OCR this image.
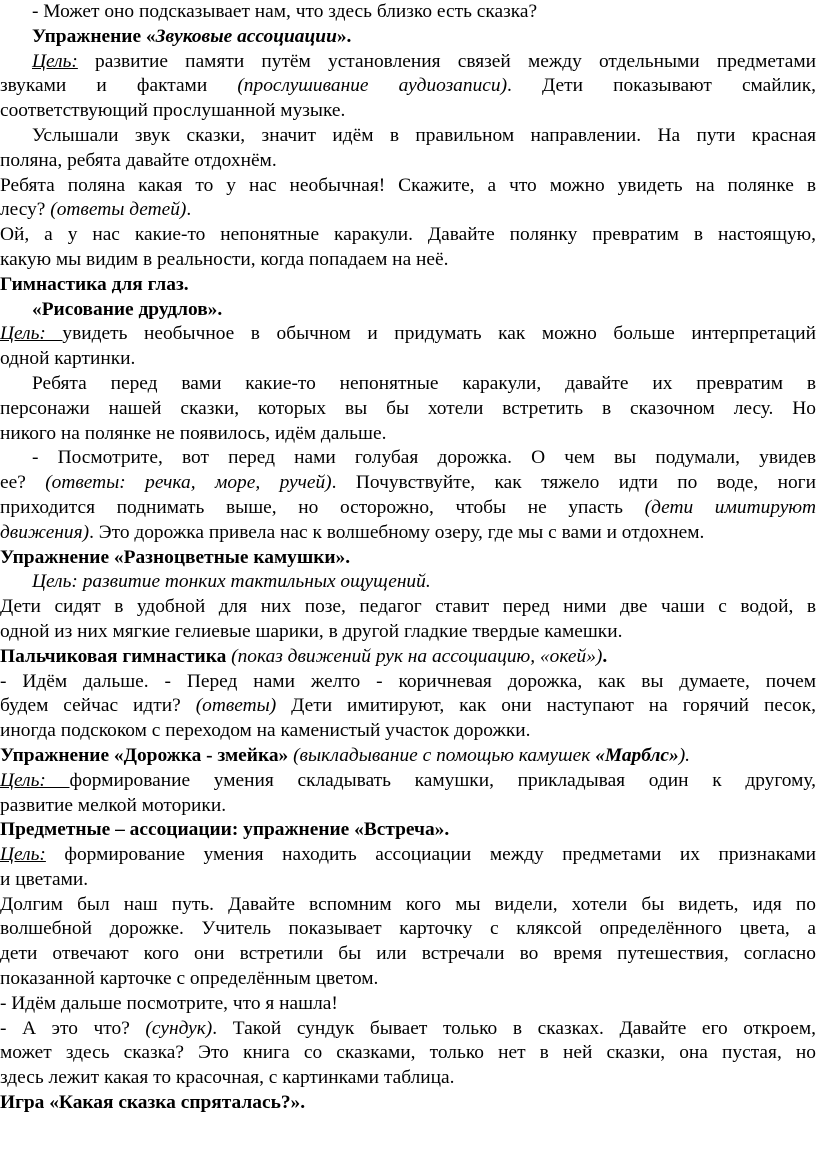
- Может оно подсказывает нам, что здесь близко есть сказка?
Упражнение «Звуковые ассоциации».
Цель: развитие памяти путём установления связей между отдельными предметами
звуками и фактами (прослушивание аудиозаписи). Дети показывают смайлик,
соответствующий прослушанной музыке.
Услышали звук сказки, значит идём в правильном направлении. На пути красная
поляна, ребята давайте отдохнём.
Ребята поляна какая то у нас необычная! Скажите, а что можно увидеть на полянке в
лесу? (ответы детей).
Ой, а у нас какие-то непонятные каракули. Давайте полянку превратим в настоящую,
какую мы видим в реальности, когда попадаем на неё.
Гимнастика для глаз.
«Рисование друдлов».
Цель: увидеть необычное в обычном и придумать как можно больше интерпретаций
одной картинки.
Ребята перед вами какие-то непонятные каракули, давайте их превратим в
персонажи нашей сказки, которых вы бы хотели встретить в сказочном лесу. Но
никого на полянке не появилось, идём дальше.
- Посмотрите, вот перед нами голубая дорожка. О чем вы подумали, увидев
ее? (ответы: речка, море, ручей). Почувствуйте, как тяжело идти по воде, ноги
приходится поднимать выше, но осторожно, чтобы не упасть (дети имитируют
движения). Это дорожка привела нас к волшебному озеру, где мы с вами и отдохнем.
Упражнение «Разноцветные камушки».
Цель: развитие тонких тактильных ощущений.
Дети сидят в удобной для них позе, педагог ставит перед ними две чаши с водой, в
одной из них мягкие гелиевые шарики, в другой гладкие твердые камешки.
Пальчиковая гимнастика (показ движений рук на ассоциацию, «окей»).
- Идём дальше. - Перед нами желто - коричневая дорожка, как вы думаете, почем
будем сейчас идти? (ответы) Дети имитируют, как они наступают на горячий песок,
иногда подскоком с переходом на каменистый участок дорожки.
Упражнение «Дорожка - змейка» (выкладывание с помощью камушек «Марблс»).
Цель: формирование умения складывать камушки, прикладывая один к другому,
развитие мелкой моторики.
Предметные – ассоциации: упражнение «Встреча».
Цель: формирование умения находить ассоциации между предметами их признаками
и цветами.
Долгим был наш путь. Давайте вспомним кого мы видели, хотели бы видеть, идя по
волшебной дорожке. Учитель показывает карточку с кляксой определённого цвета, а
дети отвечают кого они встретили бы или встречали во время путешествия, согласно
показанной карточке с определённым цветом.
- Идём дальше посмотрите, что я нашла!
- А это что? (сундук). Такой сундук бывает только в сказках. Давайте его откроем,
может здесь сказка? Это книга со сказками, только нет в ней сказки, она пустая, но
здесь лежит какая то красочная, с картинками таблица.
Игра «Какая сказка спряталась?».
